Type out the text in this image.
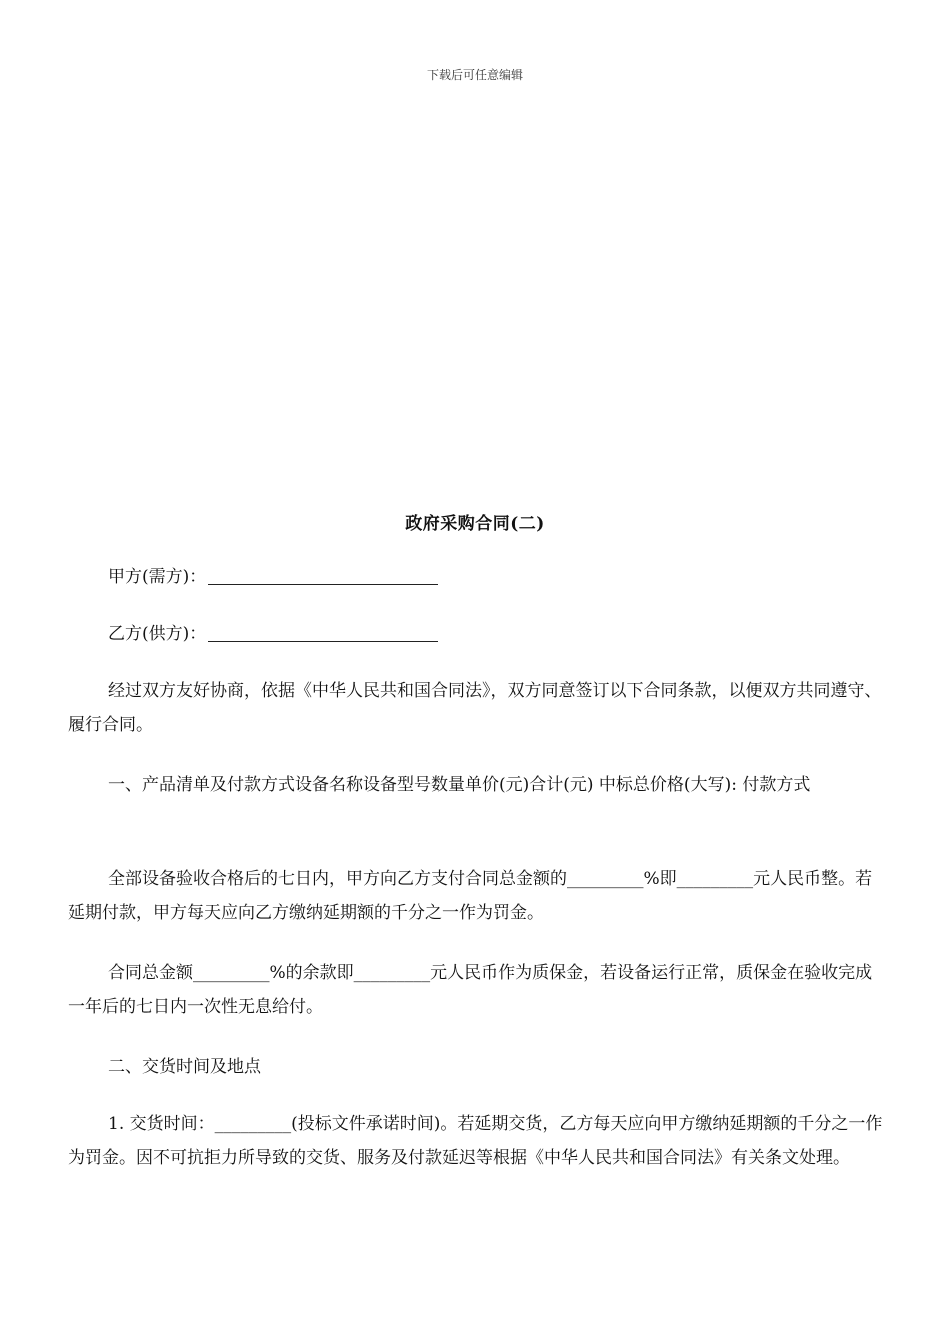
下载后可任意编辑
政府采购合同(二)

甲方(需方)：

乙方(供方)：

经过双方友好协商，依据《中华人民共和国合同法》，双方同意签订以下合同条款，以便双方共同遵守、履行合同。

一、产品清单及付款方式设备名称设备型号数量单价(元)合计(元) 中标总价格(大写): 付款方式

全部设备验收合格后的七日内，甲方向乙方支付合同总金额的_________%即_________元人民币整。若延期付款，甲方每天应向乙方缴纳延期额的千分之一作为罚金。

合同总金额_________%的余款即_________元人民币作为质保金，若设备运行正常，质保金在验收完成一年后的七日内一次性无息给付。

二、交货时间及地点

1. 交货时间：_________(投标文件承诺时间)。若延期交货，乙方每天应向甲方缴纳延期额的千分之一作为罚金。因不可抗拒力所导致的交货、服务及付款延迟等根据《中华人民共和国合同法》有关条文处理。
